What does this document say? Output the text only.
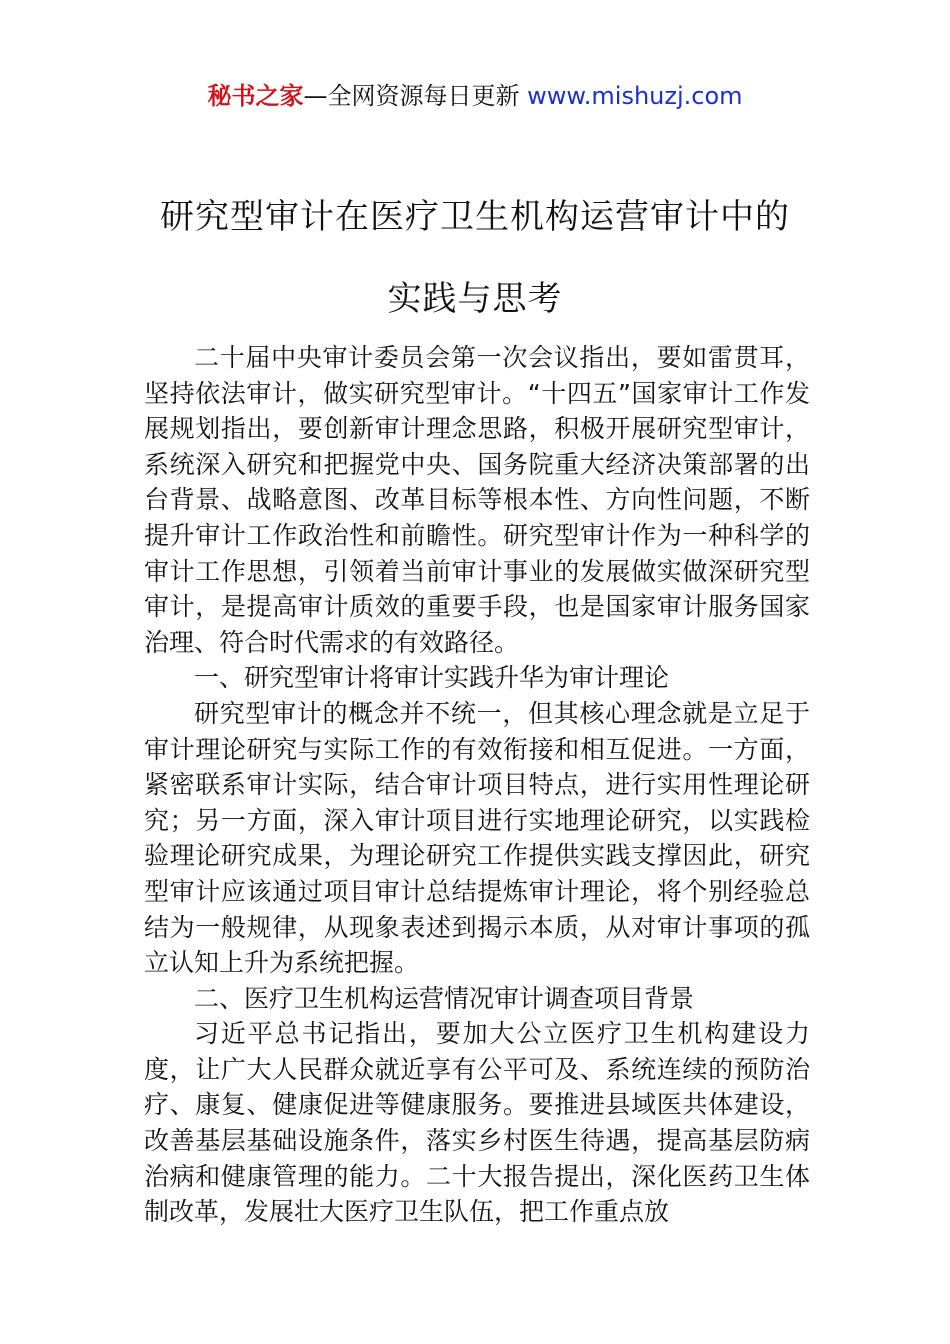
秘书之家—全网资源每日更新 www.mishuzj.com
研究型审计在医疗卫生机构运营审计中的
实践与思考

二十届中央审计委员会第一次会议指出，要如雷贯耳，坚持依法审计，做实研究型审计。“十四五”国家审计工作发展规划指出，要创新审计理念思路，积极开展研究型审计，系统深入研究和把握党中央、国务院重大经济决策部署的出台背景、战略意图、改革目标等根本性、方向性问题，不断提升审计工作政治性和前瞻性。研究型审计作为一种科学的审计工作思想，引领着当前审计事业的发展做实做深研究型审计，是提高审计质效的重要手段，也是国家审计服务国家治理、符合时代需求的有效路径。

一、研究型审计将审计实践升华为审计理论

研究型审计的概念并不统一，但其核心理念就是立足于审计理论研究与实际工作的有效衔接和相互促进。一方面，紧密联系审计实际，结合审计项目特点，进行实用性理论研究；另一方面，深入审计项目进行实地理论研究，以实践检验理论研究成果，为理论研究工作提供实践支撑因此，研究型审计应该通过项目审计总结提炼审计理论，将个别经验总结为一般规律，从现象表述到揭示本质，从对审计事项的孤立认知上升为系统把握。

二、医疗卫生机构运营情况审计调查项目背景

习近平总书记指出，要加大公立医疗卫生机构建设力度，让广大人民群众就近享有公平可及、系统连续的预防治疗、康复、健康促进等健康服务。要推进县域医共体建设，改善基层基础设施条件，落实乡村医生待遇，提高基层防病治病和健康管理的能力。二十大报告提出，深化医药卫生体制改革，发展壮大医疗卫生队伍，把工作重点放
